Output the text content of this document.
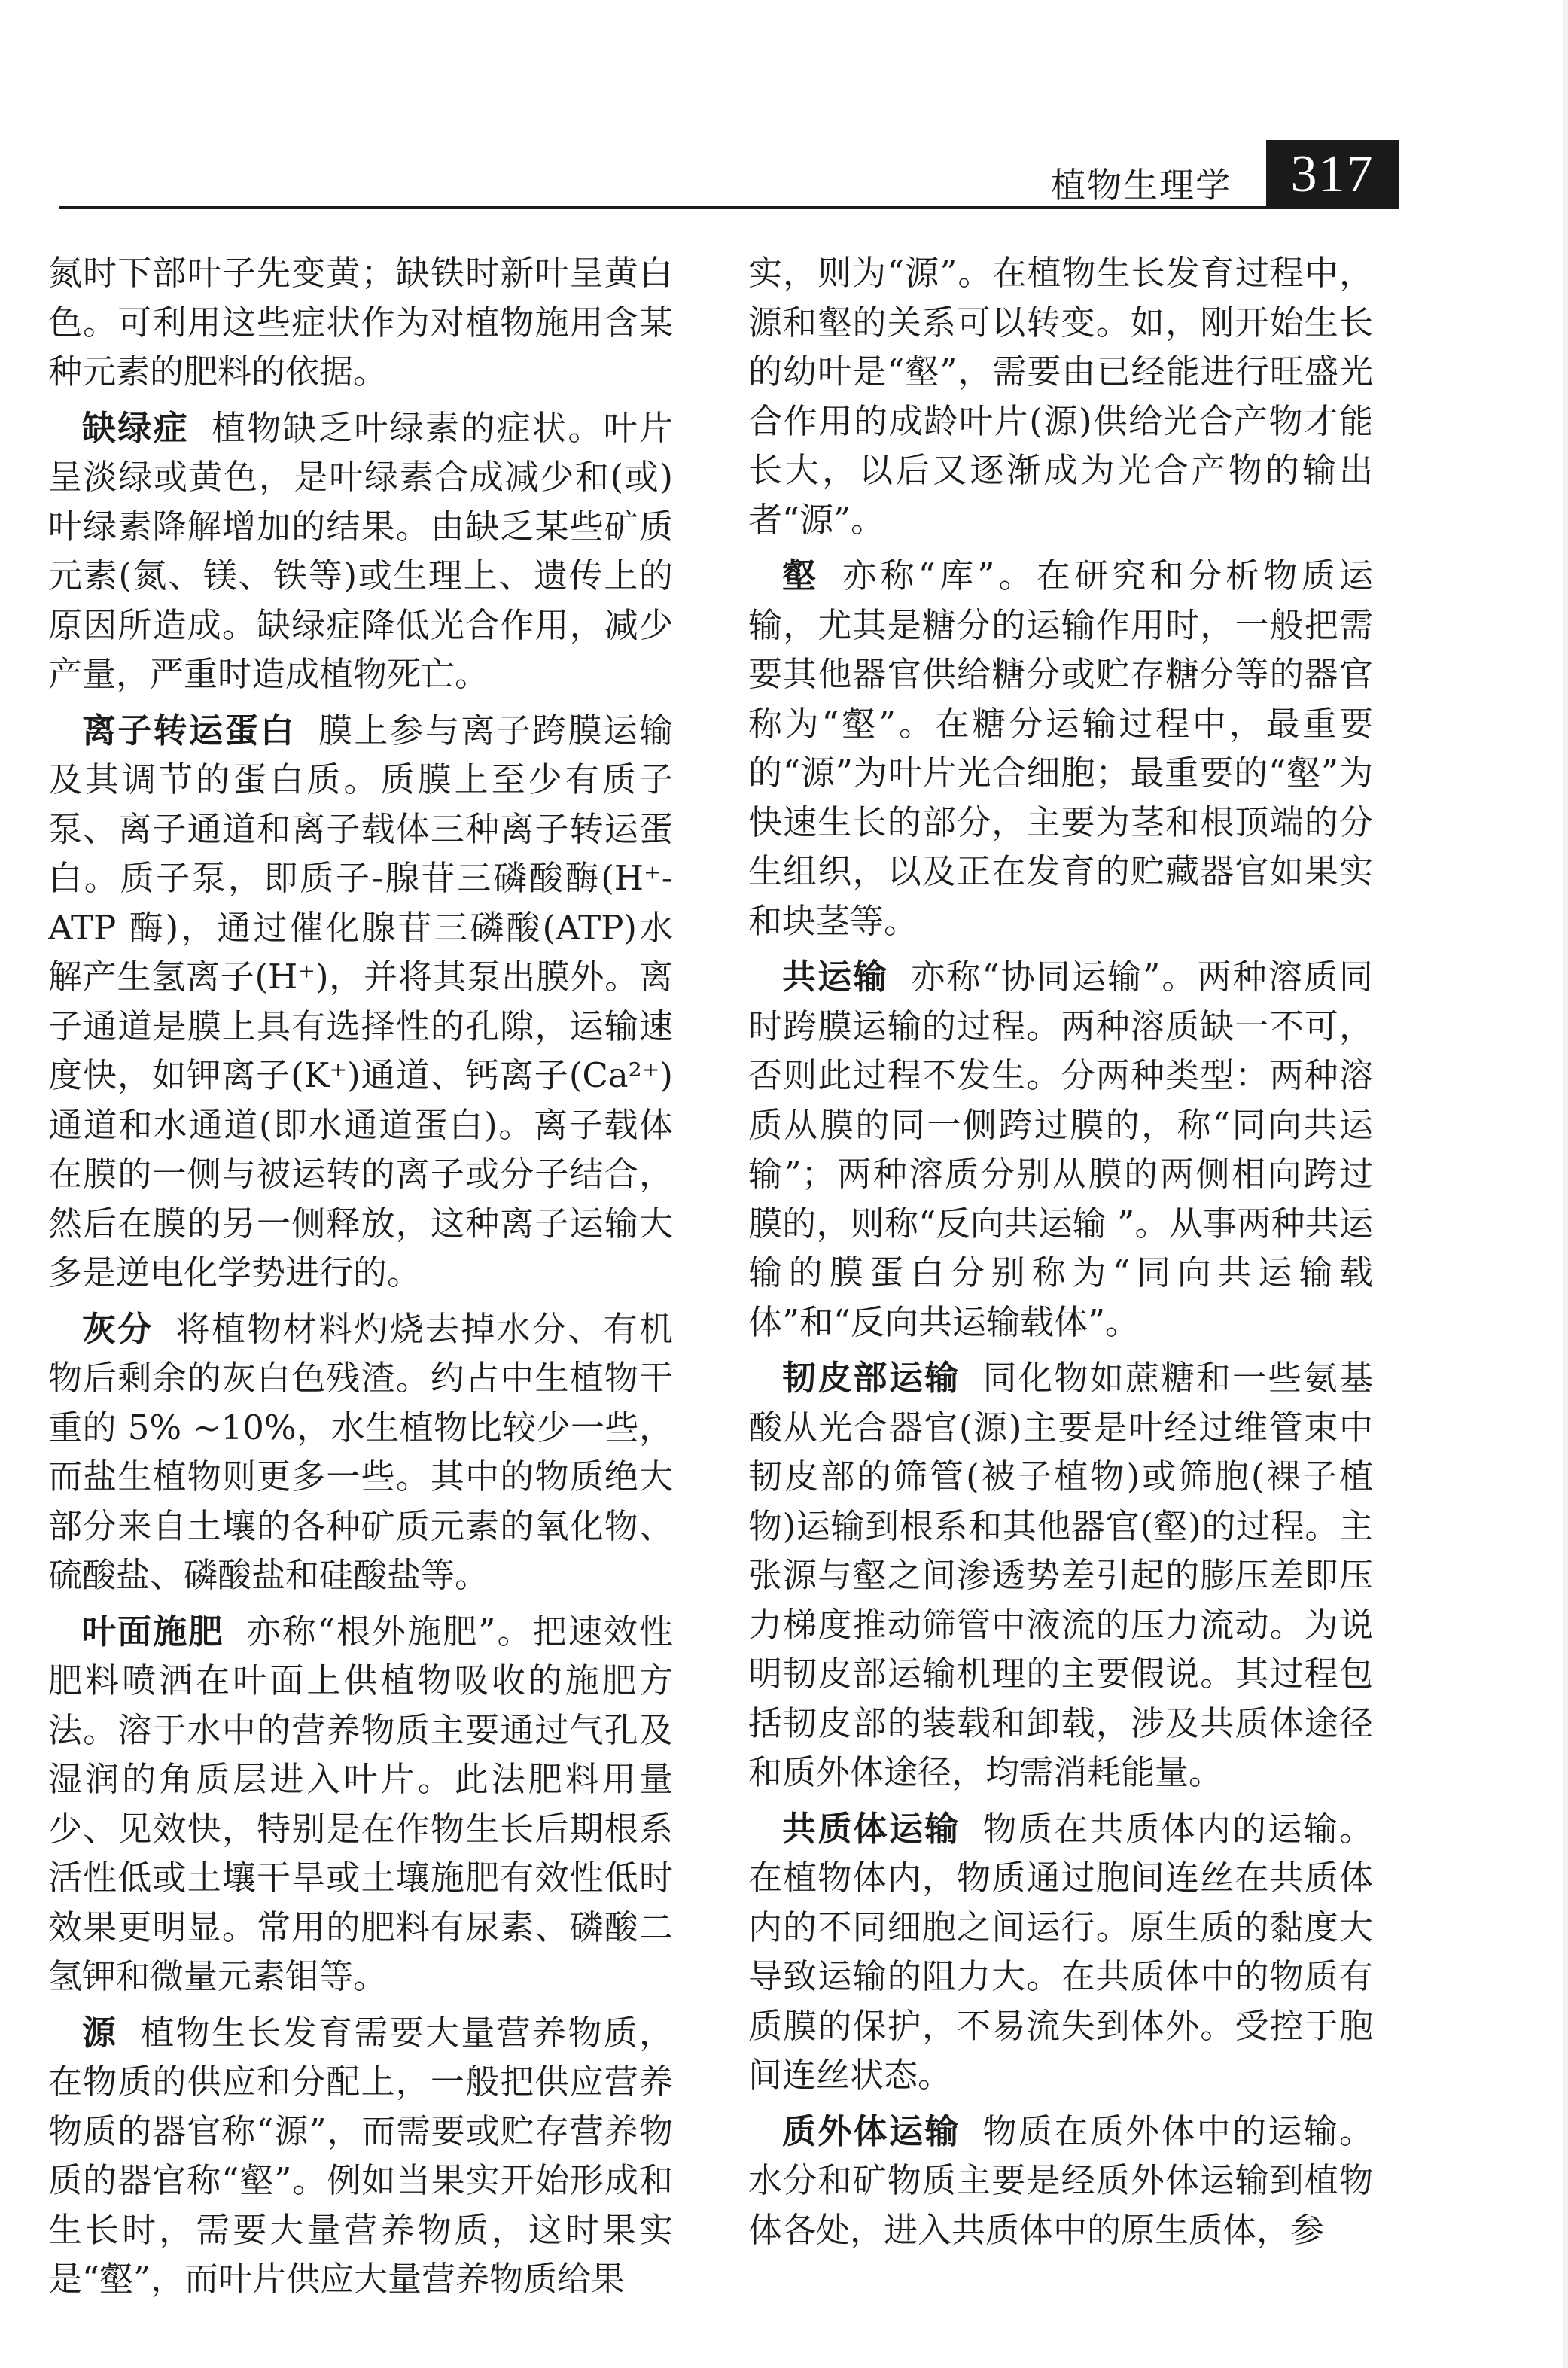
植物生理学	317

氮时下部叶子先变黄；缺铁时新叶呈黄白色。可利用这些症状作为对植物施用含某种元素的肥料的依据。

缺绿症 植物缺乏叶绿素的症状。叶片呈淡绿或黄色，是叶绿素合成减少和(或)叶绿素降解增加的结果。由缺乏某些矿质元素(氮、镁、铁等)或生理上、遗传上的原因所造成。缺绿症降低光合作用，减少产量，严重时造成植物死亡。

离子转运蛋白 膜上参与离子跨膜运输及其调节的蛋白质。质膜上至少有质子泵、离子通道和离子载体三种离子转运蛋白。质子泵，即质子-腺苷三磷酸酶(H⁺-ATP 酶)，通过催化腺苷三磷酸(ATP)水解产生氢离子(H⁺)，并将其泵出膜外。离子通道是膜上具有选择性的孔隙，运输速度快，如钾离子(K⁺)通道、钙离子(Ca²⁺)通道和水通道(即水通道蛋白)。离子载体在膜的一侧与被运转的离子或分子结合，然后在膜的另一侧释放，这种离子运输大多是逆电化学势进行的。

灰分 将植物材料灼烧去掉水分、有机物后剩余的灰白色残渣。约占中生植物干重的 5% ~10%，水生植物比较少一些，而盐生植物则更多一些。其中的物质绝大部分来自土壤的各种矿质元素的氧化物、硫酸盐、磷酸盐和硅酸盐等。

叶面施肥 亦称“根外施肥”。把速效性肥料喷洒在叶面上供植物吸收的施肥方法。溶于水中的营养物质主要通过气孔及湿润的角质层进入叶片。此法肥料用量少、见效快，特别是在作物生长后期根系活性低或土壤干旱或土壤施肥有效性低时效果更明显。常用的肥料有尿素、磷酸二氢钾和微量元素钼等。

源 植物生长发育需要大量营养物质，在物质的供应和分配上，一般把供应营养物质的器官称“源”，而需要或贮存营养物质的器官称“壑”。例如当果实开始形成和生长时，需要大量营养物质，这时果实是“壑”，而叶片供应大量营养物质给果

实，则为“源”。在植物生长发育过程中，源和壑的关系可以转变。如，刚开始生长的幼叶是“壑”，需要由已经能进行旺盛光合作用的成龄叶片(源)供给光合产物才能长大，以后又逐渐成为光合产物的输出者“源”。

壑 亦称“库”。在研究和分析物质运输，尤其是糖分的运输作用时，一般把需要其他器官供给糖分或贮存糖分等的器官称为“壑”。在糖分运输过程中，最重要的“源”为叶片光合细胞；最重要的“壑”为快速生长的部分，主要为茎和根顶端的分生组织，以及正在发育的贮藏器官如果实和块茎等。

共运输 亦称“协同运输”。两种溶质同时跨膜运输的过程。两种溶质缺一不可，否则此过程不发生。分两种类型：两种溶质从膜的同一侧跨过膜的，称“同向共运输”；两种溶质分别从膜的两侧相向跨过膜的，则称“反向共运输 ”。从事两种共运输的膜蛋白分别称为“同向共运输载体”和“反向共运输载体”。

韧皮部运输 同化物如蔗糖和一些氨基酸从光合器官(源)主要是叶经过维管束中韧皮部的筛管(被子植物)或筛胞(裸子植物)运输到根系和其他器官(壑)的过程。主张源与壑之间渗透势差引起的膨压差即压力梯度推动筛管中液流的压力流动。为说明韧皮部运输机理的主要假说。其过程包括韧皮部的装载和卸载，涉及共质体途径和质外体途径，均需消耗能量。

共质体运输 物质在共质体内的运输。在植物体内，物质通过胞间连丝在共质体内的不同细胞之间运行。原生质的黏度大导致运输的阻力大。在共质体中的物质有质膜的保护，不易流失到体外。受控于胞间连丝状态。

质外体运输 物质在质外体中的运输。水分和矿物质主要是经质外体运输到植物体各处，进入共质体中的原生质体，参
